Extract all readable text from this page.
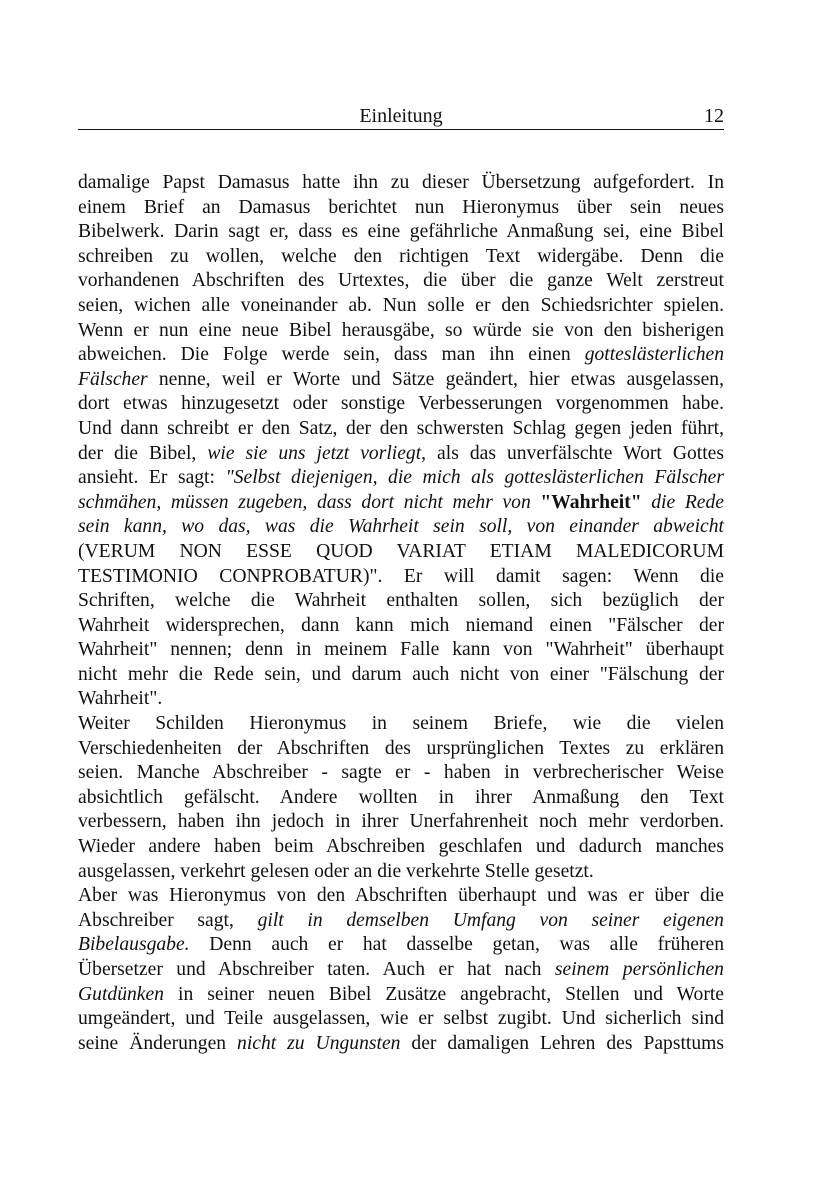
Einleitung	12
damalige Papst Damasus hatte ihn zu dieser Übersetzung aufgefordert. In
einem Brief an Damasus berichtet nun Hieronymus über sein neues
Bibelwerk. Darin sagt er, dass es eine gefährliche Anmaßung sei, eine Bibel
schreiben zu wollen, welche den richtigen Text widergäbe. Denn die
vorhandenen Abschriften des Urtextes, die über die ganze Welt zerstreut
seien, wichen alle voneinander ab. Nun solle er den Schiedsrichter spielen.
Wenn er nun eine neue Bibel herausgäbe, so würde sie von den bisherigen
abweichen. Die Folge werde sein, dass man ihn einen gotteslästerlichen
Fälscher nenne, weil er Worte und Sätze geändert, hier etwas ausgelassen,
dort etwas hinzugesetzt oder sonstige Verbesserungen vorgenommen habe.
Und dann schreibt er den Satz, der den schwersten Schlag gegen jeden führt,
der die Bibel, wie sie uns jetzt vorliegt, als das unverfälschte Wort Gottes
ansieht. Er sagt: "Selbst diejenigen, die mich als gotteslästerlichen Fälscher
schmähen, müssen zugeben, dass dort nicht mehr von "Wahrheit" die Rede
sein kann, wo das, was die Wahrheit sein soll, von einander abweicht
(VERUM NON ESSE QUOD VARIAT ETIAM MALEDICORUM
TESTIMONIO CONPROBATUR)". Er will damit sagen: Wenn die
Schriften, welche die Wahrheit enthalten sollen, sich bezüglich der
Wahrheit widersprechen, dann kann mich niemand einen "Fälscher der
Wahrheit" nennen; denn in meinem Falle kann von "Wahrheit" überhaupt
nicht mehr die Rede sein, und darum auch nicht von einer "Fälschung der
Wahrheit".
Weiter Schilden Hieronymus in seinem Briefe, wie die vielen
Verschiedenheiten der Abschriften des ursprünglichen Textes zu erklären
seien. Manche Abschreiber - sagte er - haben in verbrecherischer Weise
absichtlich gefälscht. Andere wollten in ihrer Anmaßung den Text
verbessern, haben ihn jedoch in ihrer Unerfahrenheit noch mehr verdorben.
Wieder andere haben beim Abschreiben geschlafen und dadurch manches
ausgelassen, verkehrt gelesen oder an die verkehrte Stelle gesetzt.
Aber was Hieronymus von den Abschriften überhaupt und was er über die
Abschreiber sagt, gilt in demselben Umfang von seiner eigenen
Bibelausgabe. Denn auch er hat dasselbe getan, was alle früheren
Übersetzer und Abschreiber taten. Auch er hat nach seinem persönlichen
Gutdünken in seiner neuen Bibel Zusätze angebracht, Stellen und Worte
umgeändert, und Teile ausgelassen, wie er selbst zugibt. Und sicherlich sind
seine Änderungen nicht zu Ungunsten der damaligen Lehren des Papsttums
